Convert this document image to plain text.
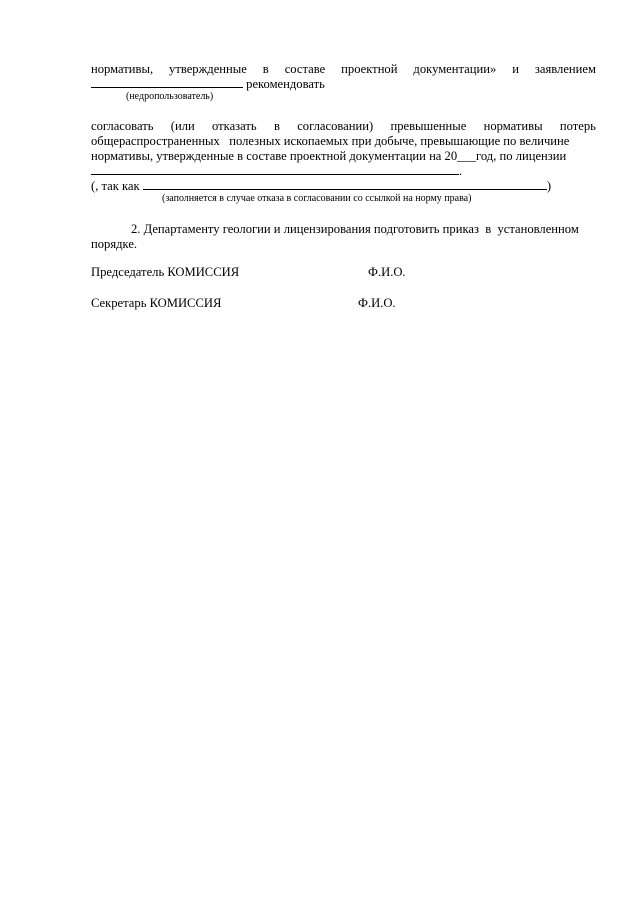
нормативы, утвержденные в составе проектной документации» и заявлением
рекомендовать
(недропользователь)
согласовать (или отказать в согласовании) превышенные нормативы потерь
общераспространенных   полезных ископаемых при добыче, превышающие по величине
нормативы, утвержденные в составе проектной документации на 20___год, по лицензии
.
(, так как	)
(заполняется в случае отказа в согласовании со ссылкой на норму права)
2. Департаменту геологии и лицензирования подготовить приказ  в  установленном
порядке.
Председатель КОМИССИЯ	Ф.И.О.
Секретарь КОМИССИЯ	Ф.И.О.
